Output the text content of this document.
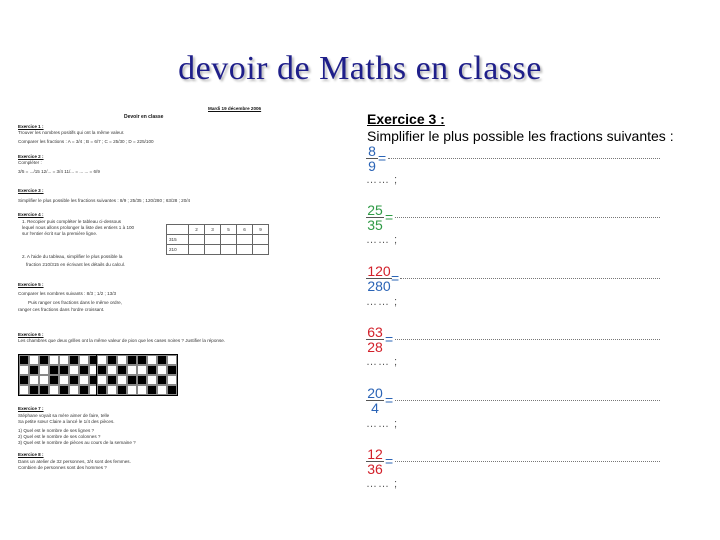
devoir de Maths en classe
Mardi 19 décembre 2006
Devoir en classe
Exercice 1 :
Trouver les nombres positifs qui ont la même valeur.
Comparer les fractions : A = 3/4 ; B = 6/7 ; C = 25/30 ; D = 225/100
Exercice 2 :
Compléter :
3/5 = .../15 12/... = 3/4 11/... = ... ... = 6/9
Exercice 3 :
Simplifier le plus possible les fractions suivantes : 8/9 ; 25/35 ; 120/280 ; 63/28 ; 20/4
Exercice 4 :
1. Recopier puis compléter le tableau ci-dessous
lequel nous allons prolonger la liste des entiers 1 à 100
sur l'entier écrit sur la première ligne.
	2	3	5	6	9
315					
210					
2. A l'aide du tableau, simplifier le plus possible la
fraction 210/315 en écrivant les détails du calcul.
Exercice 5 :
Comparer les nombres suivants : 8/3 ; 1/2 ; 13/3
Puis ranger ces fractions dans le même ordre,
ranger ces fractions dans l'ordre croissant.
Exercice 6 :
Les chambres que deux grilles ont la même valeur de pion que les cases noires ? Justifier la réponse.
Exercice 7 :
Stéphane voyait sa mère aimer de faire, telle
Sa petite sœur Claire a lancé le 1/4 des pièces.
1) Quel est le nombre de ses lignes ?
2) Quel est le nombre de ses colonnes ?
3) Quel est le nombre de pièces au cours de la semaine ?
Exercice 8 :
Dans un atelier de 32 personnes, 3/4 sont des femmes.
Combien de personnes sont des hommes ?
Exercice 3 :
Simplifier le plus possible les fractions suivantes :
$\frac{8}{9}$ =
…… ;
$\frac{25}{35}$ =
…… ;
$\frac{120}{280}$ =
…… ;
$\frac{63}{28}$ =
…… ;
$\frac{20}{4}$ =
…… ;
$\frac{12}{36}$ =
…… ;
